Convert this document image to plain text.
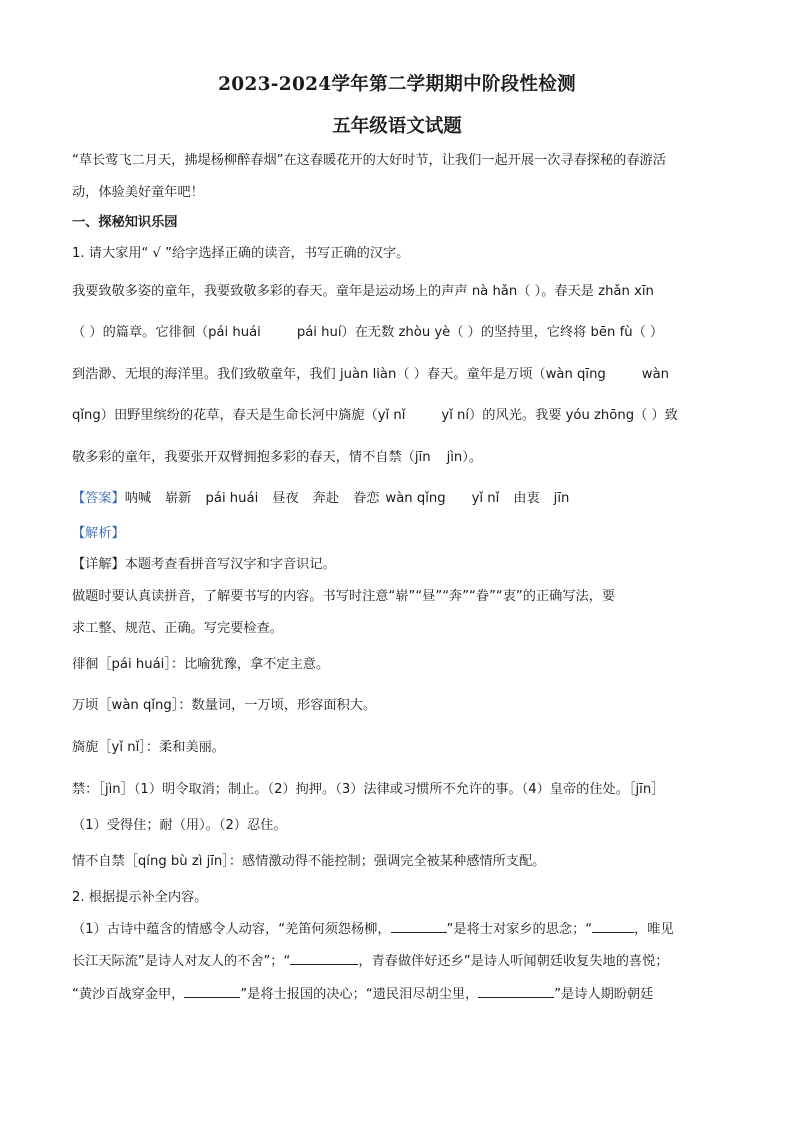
2023-2024学年第二学期期中阶段性检测
五年级语文试题
“草长莺飞二月天，拂堤杨柳醉春烟”在这春暖花开的大好时节，让我们一起开展一次寻春探秘的春游活
动，体验美好童年吧！
一、探秘知识乐园
1. 请大家用“ √ ”给字选择正确的读音，书写正确的汉字。
我要致敬多姿的童年，我要致敬多彩的春天。童年是运动场上的声声 nà hǎn（ ）。春天是 zhǎn xīn
（ ）的篇章。它徘徊（pái huái	pái huí）在无数 zhòu yè（ ）的坚持里，它终将 bēn fù（ ）
到浩渺、无垠的海洋里。我们致敬童年，我们 juàn liàn（ ）春天。童年是万顷（wàn qīng	wàn
qǐng）田野里缤纷的花草，春天是生命长河中旖旎（yǐ nǐ	yǐ ní）的风光。我要 yóu zhōng（ ）致
敬多彩的童年，我要张开双臂拥抱多彩的春天，情不自禁（jīn jìn）。
【答案】呐喊 崭新 pái huái 昼夜 奔赴 眷恋 wàn qǐng yǐ nǐ 由衷 jīn
【解析】
【详解】本题考查看拼音写汉字和字音识记。
做题时要认真读拼音，了解要书写的内容。书写时注意“崭”“昼”“奔”“眷”“衷”的正确写法，要
求工整、规范、正确。写完要检查。
徘徊［pái huái］：比喻犹豫，拿不定主意。
万顷［wàn qǐng］：数量词，一万顷，形容面积大。
旖旎［yǐ nǐ］：柔和美丽。
禁：［jìn］（1）明令取消；制止。（2）拘押。（3）法律或习惯所不允许的事。（4）皇帝的住处。［jīn］
（1）受得住；耐（用）。（2）忍住。
情不自禁［qíng bù zì jīn］：感情激动得不能控制；强调完全被某种感情所支配。
2. 根据提示补全内容。
（1）古诗中蕴含的情感令人动容，“羌笛何须怨杨柳，	”是将士对家乡的思念；“	，唯见
长江天际流”是诗人对友人的不舍”；“	，青春做伴好还乡”是诗人听闻朝廷收复失地的喜悦；
“黄沙百战穿金甲，	”是将士报国的决心；“遗民泪尽胡尘里，	”是诗人期盼朝廷
